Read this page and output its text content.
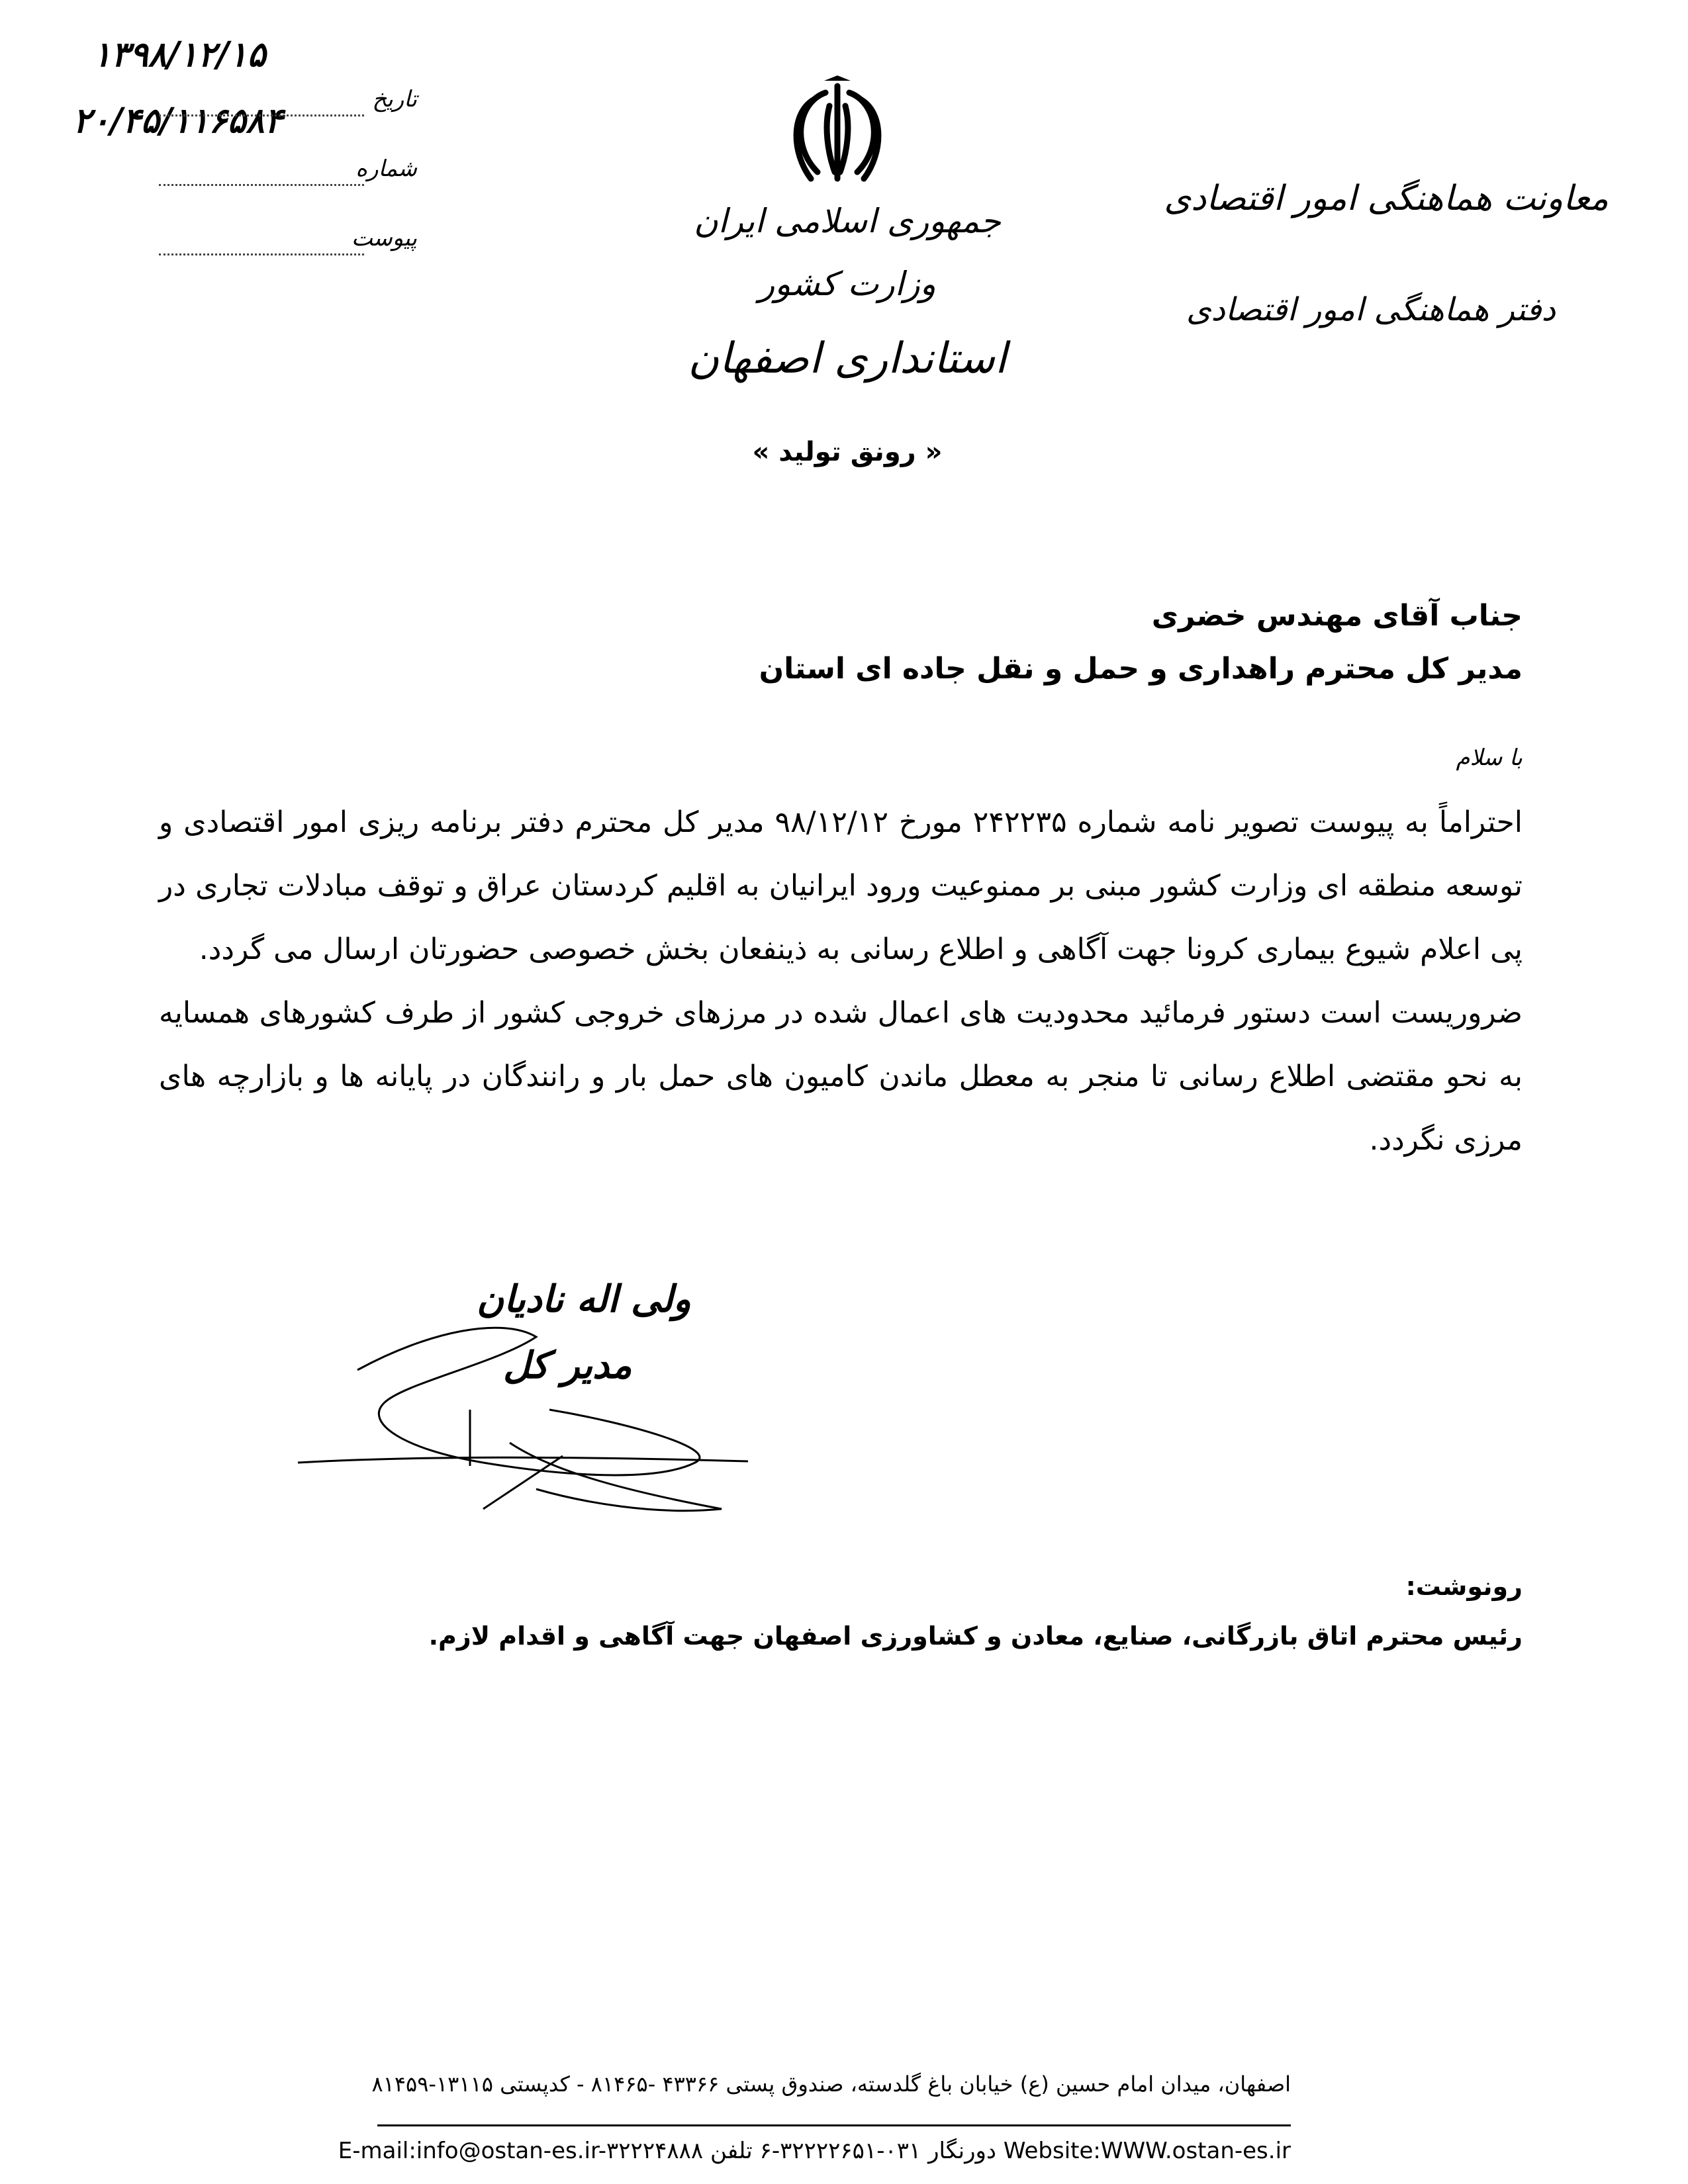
۱۳۹۸/۱۲/۱۵
۲۰/۴۵/۱۱۶۵۸۴
تاریخ
شماره
پیوست	جمهوری اسلامی ایران
وزارت کشور
استانداری اصفهان
« رونق تولید »
معاونت هماهنگی امور اقتصادی
دفتر هماهنگی امور اقتصادی
جناب آقای مهندس خضری
مدیر کل محترم راهداری و حمل و نقل جاده ای استان
با سلام

احتراماً به پیوست تصویر نامه شماره ۲۴۲۲۳۵ مورخ ۹۸/۱۲/۱۲ مدیر کل محترم دفتر برنامه ریزی امور اقتصادی و توسعه منطقه ای وزارت کشور مبنی بر ممنوعیت ورود ایرانیان به اقلیم کردستان عراق و توقف مبادلات تجاری در پی اعلام شیوع بیماری کرونا جهت آگاهی و اطلاع رسانی به ذینفعان بخش خصوصی حضورتان ارسال می گردد.

ضروریست است دستور فرمائید محدودیت های اعمال شده در مرزهای خروجی کشور از طرف کشورهای همسایه به نحو مقتضی اطلاع رسانی تا منجر به معطل ماندن کامیون های حمل بار و رانندگان در پایانه ها و بازارچه های مرزی نگردد.

ولی اله نادیان
مدیر کل
رونوشت:
رئیس محترم اتاق بازرگانی، صنایع، معادن و کشاورزی اصفهان جهت آگاهی و اقدام لازم.
اصفهان، میدان امام حسین (ع) خیابان باغ گلدسته، صندوق پستی ۴۳۳۶۶ -۸۱۴۶۵ - کدپستی ۱۳۱۱۵-۸۱۴۵۹
E-mail:info@ostan-es.ir-۳۲۲۲۴۸۸۸ دورنگار ۰۳۱-۳۲۲۲۲۶۵۱-۶ تلفن Website:WWW.ostan-es.ir
